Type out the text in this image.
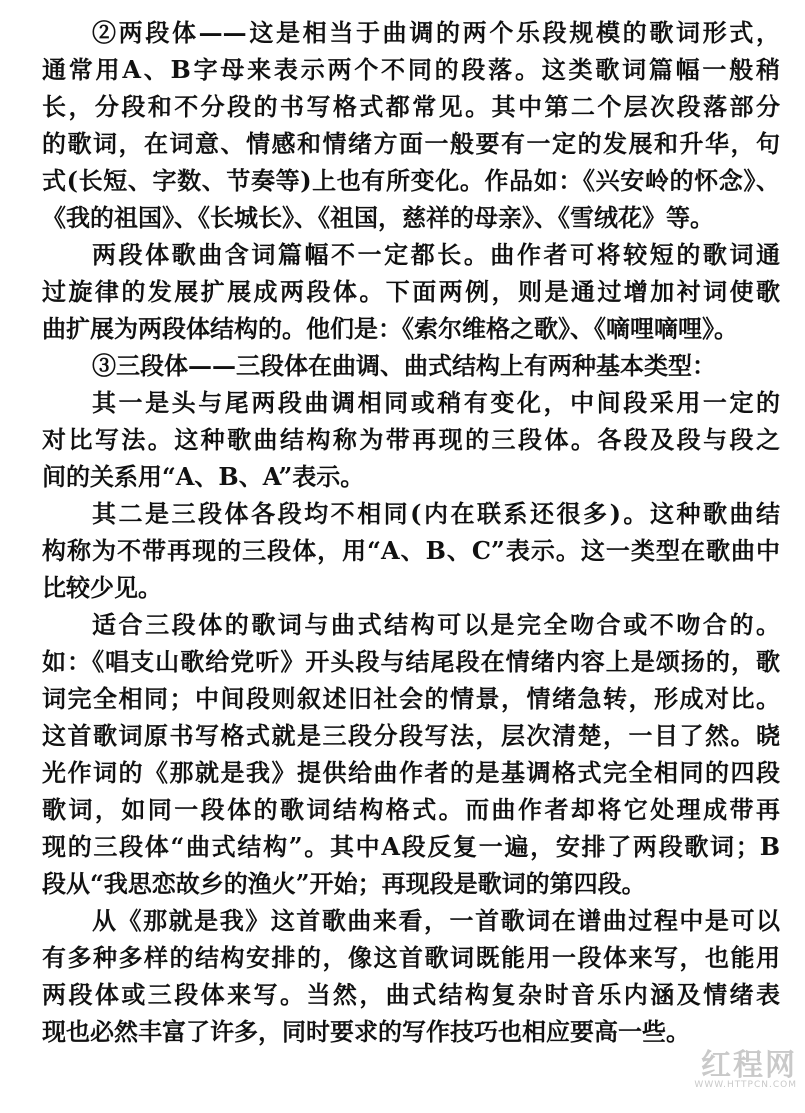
②两段体——这是相当于曲调的两个乐段规模的歌词形式，
通常用A、B字母来表示两个不同的段落。这类歌词篇幅一般稍
长，分段和不分段的书写格式都常见。其中第二个层次段落部分
的歌词，在词意、情感和情绪方面一般要有一定的发展和升华，句
式(长短、字数、节奏等)上也有所变化。作品如：《兴安岭的怀念》、
《我的祖国》、《长城长》、《祖国，慈祥的母亲》、《雪绒花》等。
两段体歌曲含词篇幅不一定都长。曲作者可将较短的歌词通
过旋律的发展扩展成两段体。下面两例，则是通过增加衬词使歌
曲扩展为两段体结构的。他们是：《索尔维格之歌》、《嘀哩嘀哩》。
③三段体——三段体在曲调、曲式结构上有两种基本类型：
其一是头与尾两段曲调相同或稍有变化，中间段采用一定的
对比写法。这种歌曲结构称为带再现的三段体。各段及段与段之
间的关系用“A、B、A”表示。
其二是三段体各段均不相同(内在联系还很多)。这种歌曲结
构称为不带再现的三段体，用“A、B、C”表示。这一类型在歌曲中
比较少见。
适合三段体的歌词与曲式结构可以是完全吻合或不吻合的。
如：《唱支山歌给党听》开头段与结尾段在情绪内容上是颂扬的，歌
词完全相同；中间段则叙述旧社会的情景，情绪急转，形成对比。
这首歌词原书写格式就是三段分段写法，层次清楚，一目了然。晓
光作词的《那就是我》提供给曲作者的是基调格式完全相同的四段
歌词，如同一段体的歌词结构格式。而曲作者却将它处理成带再
现的三段体“曲式结构”。其中A段反复一遍，安排了两段歌词；B
段从“我思恋故乡的渔火”开始；再现段是歌词的第四段。
从《那就是我》这首歌曲来看，一首歌词在谱曲过程中是可以
有多种多样的结构安排的，像这首歌词既能用一段体来写，也能用
两段体或三段体来写。当然，曲式结构复杂时音乐内涵及情绪表
现也必然丰富了许多，同时要求的写作技巧也相应要高一些。
红程网
WWW.HTTPCN.COM
